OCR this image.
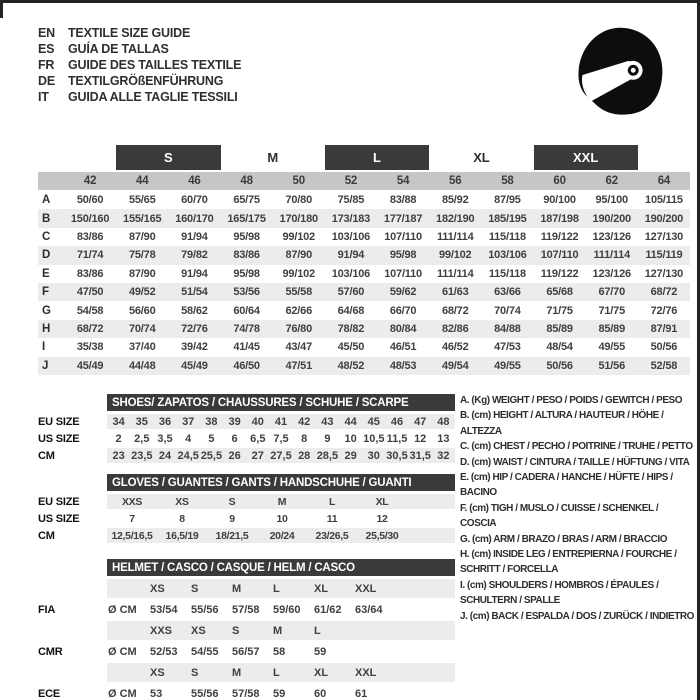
EN	TEXTILE SIZE GUIDE
ES	GUÍA DE TALLAS
FR	GUIDE DES TAILLES TEXTILE
DE	TEXTILGRÖßENFÜHRUNG
IT	GUIDA ALLE TAGLIE TESSILI
S	M	L	XL	XXL
42	44	46	48	50	52	54	56	58	60	62	64
A	50/60	55/65	60/70	65/75	70/80	75/85	83/88	85/92	87/95	90/100	95/100	105/115
B	150/160	155/165	160/170	165/175	170/180	173/183	177/187	182/190	185/195	187/198	190/200	190/200
C	83/86	87/90	91/94	95/98	99/102	103/106	107/110	111/114	115/118	119/122	123/126	127/130
D	71/74	75/78	79/82	83/86	87/90	91/94	95/98	99/102	103/106	107/110	111/114	115/119
E	83/86	87/90	91/94	95/98	99/102	103/106	107/110	111/114	115/118	119/122	123/126	127/130
F	47/50	49/52	51/54	53/56	55/58	57/60	59/62	61/63	63/66	65/68	67/70	68/72
G	54/58	56/60	58/62	60/64	62/66	64/68	66/70	68/72	70/74	71/75	71/75	72/76
H	68/72	70/74	72/76	74/78	76/80	78/82	80/84	82/86	84/88	85/89	85/89	87/91
I	35/38	37/40	39/42	41/45	43/47	45/50	46/51	46/52	47/53	48/54	49/55	50/56
J	45/49	44/48	45/49	46/50	47/51	48/52	48/53	49/54	49/55	50/56	51/56	52/58
SHOES/ ZAPATOS / CHAUSSURES / SCHUHE / SCARPE
EU SIZE	34 35 36 37 38 39 40 41 42 43 44 45 46 47 48
US SIZE	2	2,5 3,5	4	5	6	6,5 7,5	8	9	10 10,5 11,5 12 13
CM	23 23,5 24 24,5 25,5 26 27 27,5 28 28,5 29 30 30,5 31,5 32
GLOVES / GUANTES / GANTS / HANDSCHUHE / GUANTI
EU SIZE	XXS	XS	S	M	L	XL
US SIZE	7	8	9	10	11	12
CM	12,5/16,5	16,5/19	18/21,5	20/24	23/26,5	25,5/30
HELMET / CASCO / CASQUE / HELM / CASCO
XS	S	M	L	XL	XXL
FIA	Ø CM	53/54	55/56	57/58	59/60	61/62	63/64
XXS	XS	S	M	L
CMR	Ø CM	52/53	54/55	56/57	58	59
XS	S	M	L	XL	XXL
ECE	Ø CM	53	55/56	57/58	59	60	61
A. (Kg) WEIGHT / PESO / POIDS / GEWITCH / PESO
B. (cm) HEIGHT / ALTURA / HAUTEUR / HÖHE / ALTEZZA
C. (cm) CHEST / PECHO / POITRINE / TRUHE / PETTO
D. (cm) WAIST / CINTURA / TAILLE / HÜFTUNG / VITA
E. (cm) HIP / CADERA / HANCHE / HÜFTE / HIPS / BACINO
F. (cm) TIGH / MUSLO / CUISSE / SCHENKEL / COSCIA
G. (cm) ARM / BRAZO / BRAS / ARM / BRACCIO
H. (cm) INSIDE LEG / ENTREPIERNA / FOURCHE / SCHRITT / FORCELLA
I. (cm) SHOULDERS / HOMBROS / ÉPAULES / SCHULTERN / SPALLE
J. (cm) BACK / ESPALDA / DOS / ZURÜCK / INDIETRO
